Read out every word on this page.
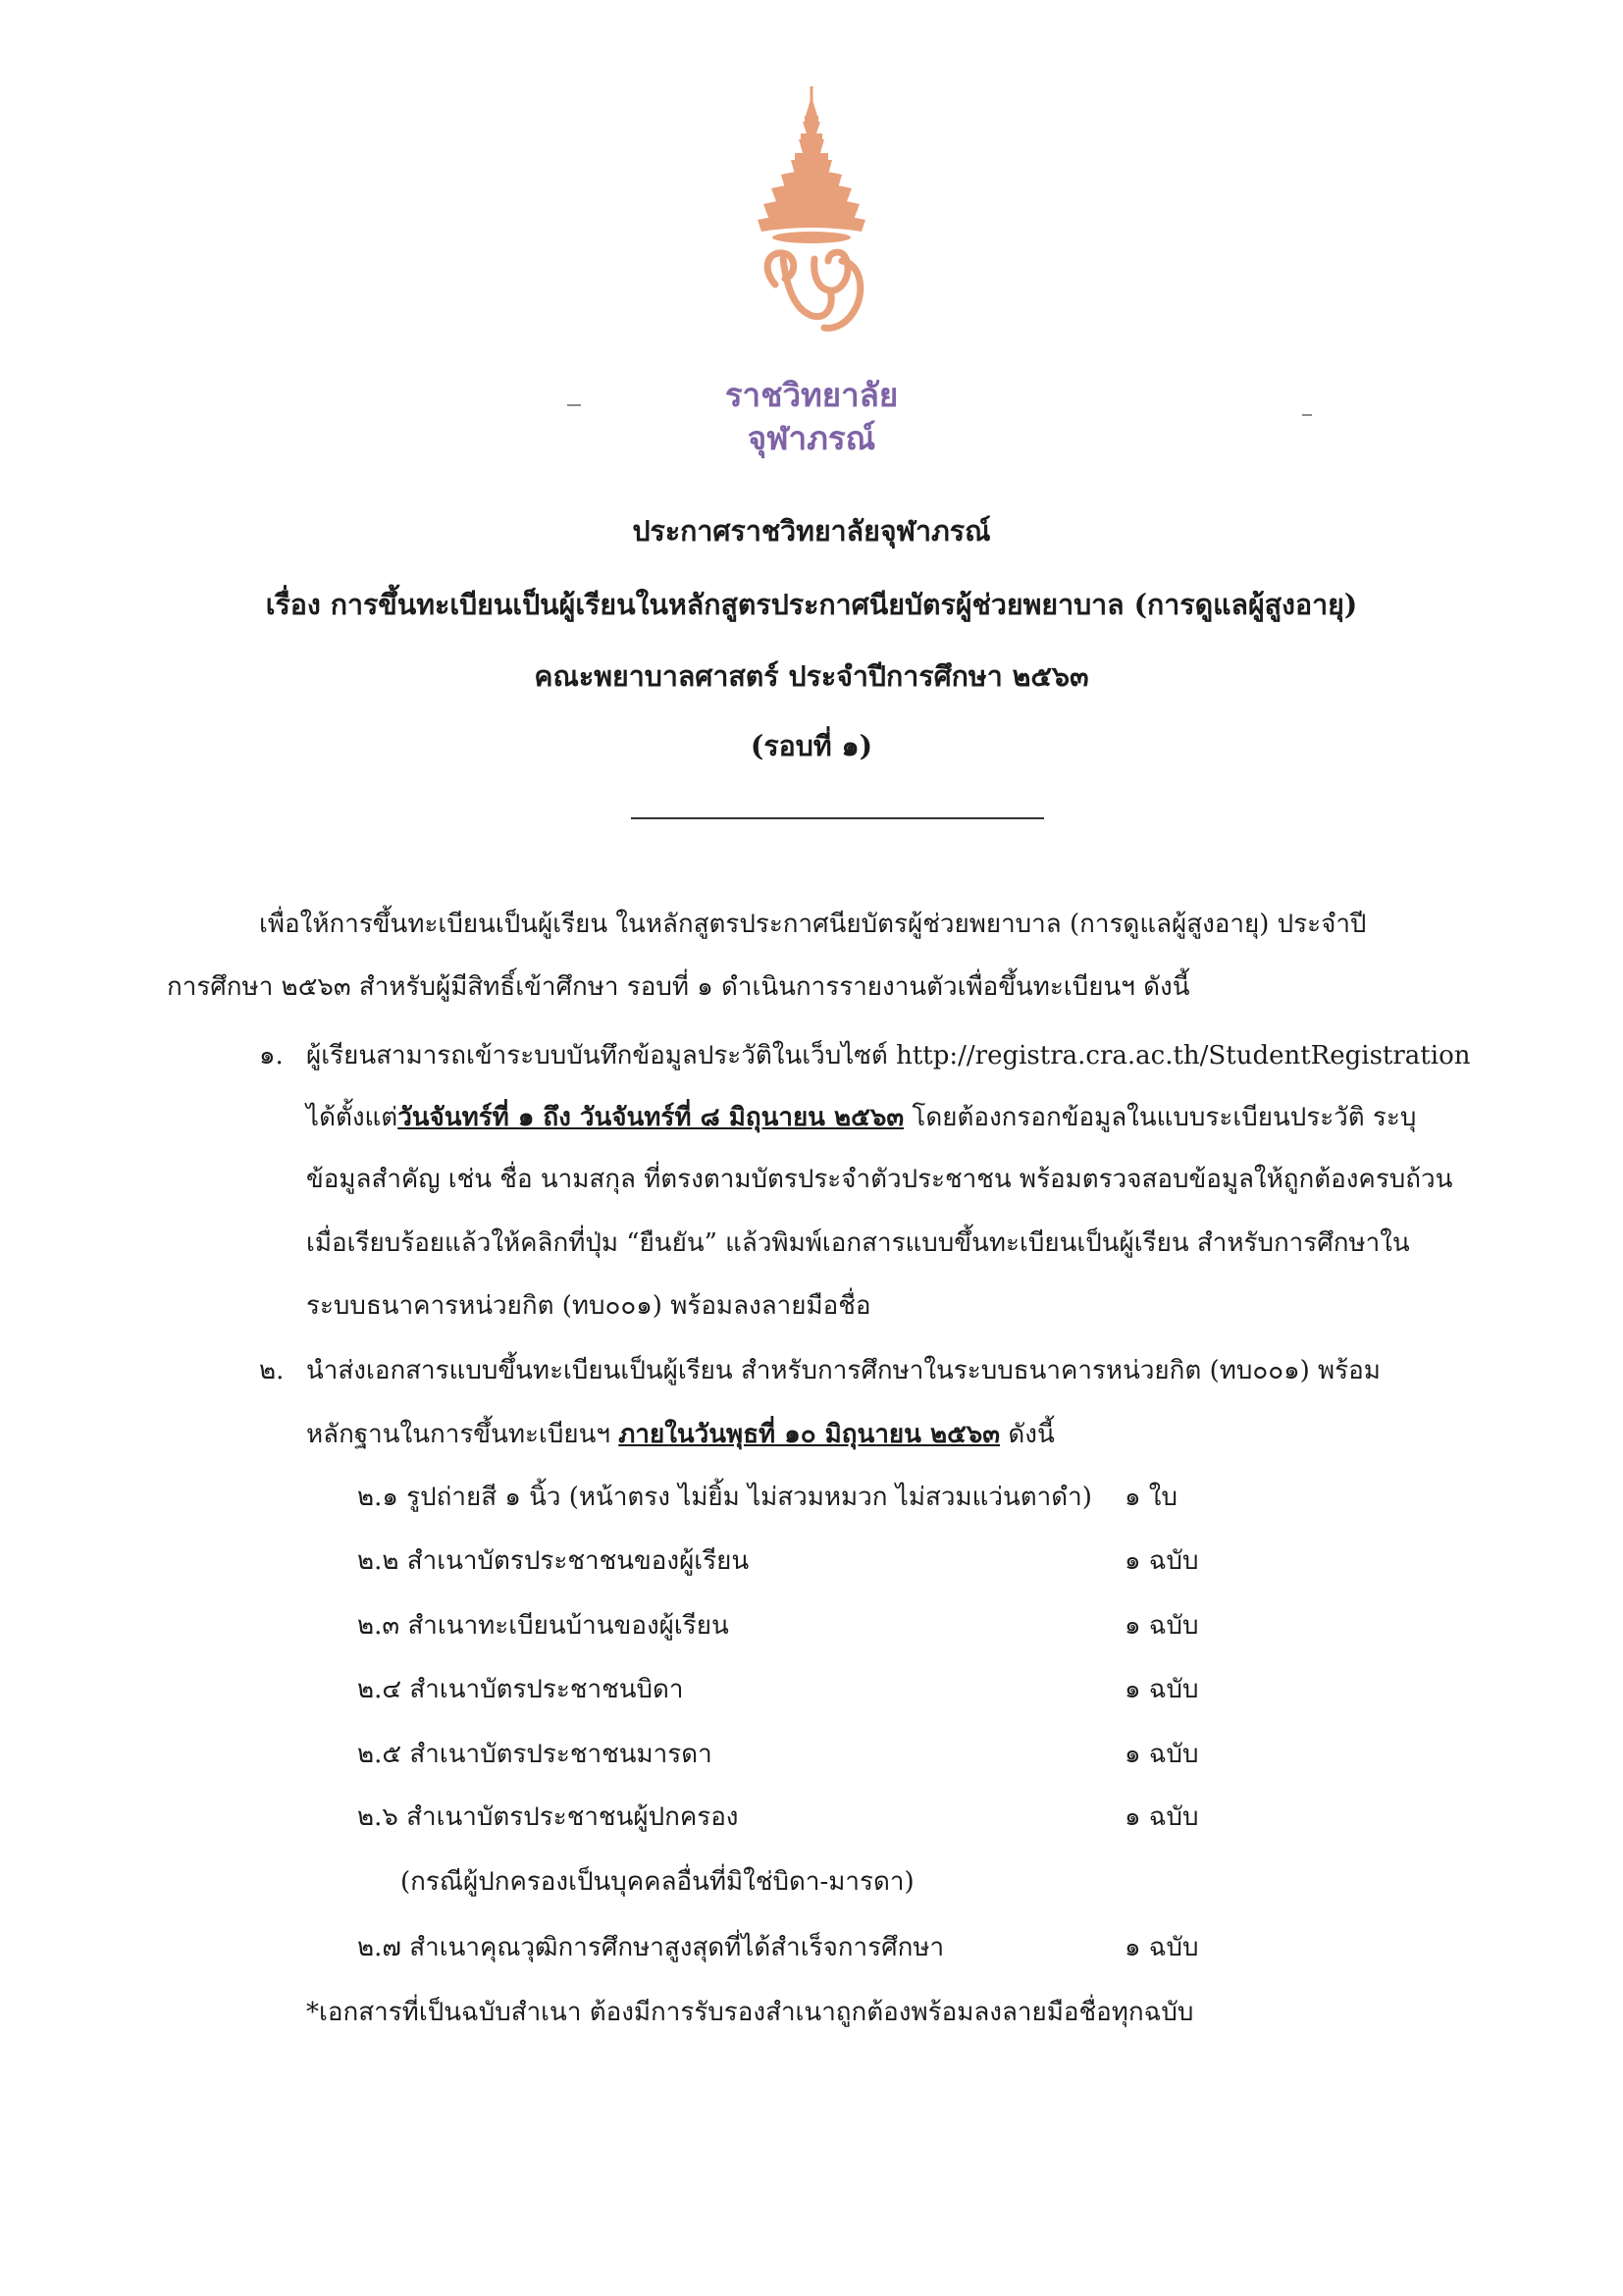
ราชวิทยาลัย
จุฬาภรณ์
ประกาศราชวิทยาลัยจุฬาภรณ์
เรื่อง การขึ้นทะเบียนเป็นผู้เรียนในหลักสูตรประกาศนียบัตรผู้ช่วยพยาบาล (การดูแลผู้สูงอายุ)
คณะพยาบาลศาสตร์ ประจำปีการศึกษา ๒๕๖๓
(รอบที่ ๑)
เพื่อให้การขึ้นทะเบียนเป็นผู้เรียน ในหลักสูตรประกาศนียบัตรผู้ช่วยพยาบาล (การดูแลผู้สูงอายุ) ประจำปี
การศึกษา ๒๕๖๓ สำหรับผู้มีสิทธิ์เข้าศึกษา รอบที่ ๑ ดำเนินการรายงานตัวเพื่อขึ้นทะเบียนฯ ดังนี้
๑. ผู้เรียนสามารถเข้าระบบบันทึกข้อมูลประวัติในเว็บไซต์ http://registra.cra.ac.th/StudentRegistration
ได้ตั้งแต่วันจันทร์ที่ ๑ ถึง วันจันทร์ที่ ๘ มิถุนายน ๒๕๖๓ โดยต้องกรอกข้อมูลในแบบระเบียนประวัติ ระบุ
ข้อมูลสำคัญ เช่น ชื่อ นามสกุล ที่ตรงตามบัตรประจำตัวประชาชน พร้อมตรวจสอบข้อมูลให้ถูกต้องครบถ้วน
เมื่อเรียบร้อยแล้วให้คลิกที่ปุ่ม “ยืนยัน” แล้วพิมพ์เอกสารแบบขึ้นทะเบียนเป็นผู้เรียน สำหรับการศึกษาใน
ระบบธนาคารหน่วยกิต (ทบ๐๐๑) พร้อมลงลายมือชื่อ
๒. นำส่งเอกสารแบบขึ้นทะเบียนเป็นผู้เรียน สำหรับการศึกษาในระบบธนาคารหน่วยกิต (ทบ๐๐๑) พร้อม
หลักฐานในการขึ้นทะเบียนฯ ภายในวันพุธที่ ๑๐ มิถุนายน ๒๕๖๓ ดังนี้
๒.๑ รูปถ่ายสี ๑ นิ้ว (หน้าตรง ไม่ยิ้ม ไม่สวมหมวก ไม่สวมแว่นตาดำ) ๑ ใบ
๒.๒ สำเนาบัตรประชาชนของผู้เรียน	๑ ฉบับ
๒.๓ สำเนาทะเบียนบ้านของผู้เรียน	๑ ฉบับ
๒.๔ สำเนาบัตรประชาชนบิดา	๑ ฉบับ
๒.๕ สำเนาบัตรประชาชนมารดา	๑ ฉบับ
๒.๖ สำเนาบัตรประชาชนผู้ปกครอง	๑ ฉบับ
(กรณีผู้ปกครองเป็นบุคคลอื่นที่มิใช่บิดา-มารดา)
๒.๗ สำเนาคุณวุฒิการศึกษาสูงสุดที่ได้สำเร็จการศึกษา	๑ ฉบับ
*เอกสารที่เป็นฉบับสำเนา ต้องมีการรับรองสำเนาถูกต้องพร้อมลงลายมือชื่อทุกฉบับ
